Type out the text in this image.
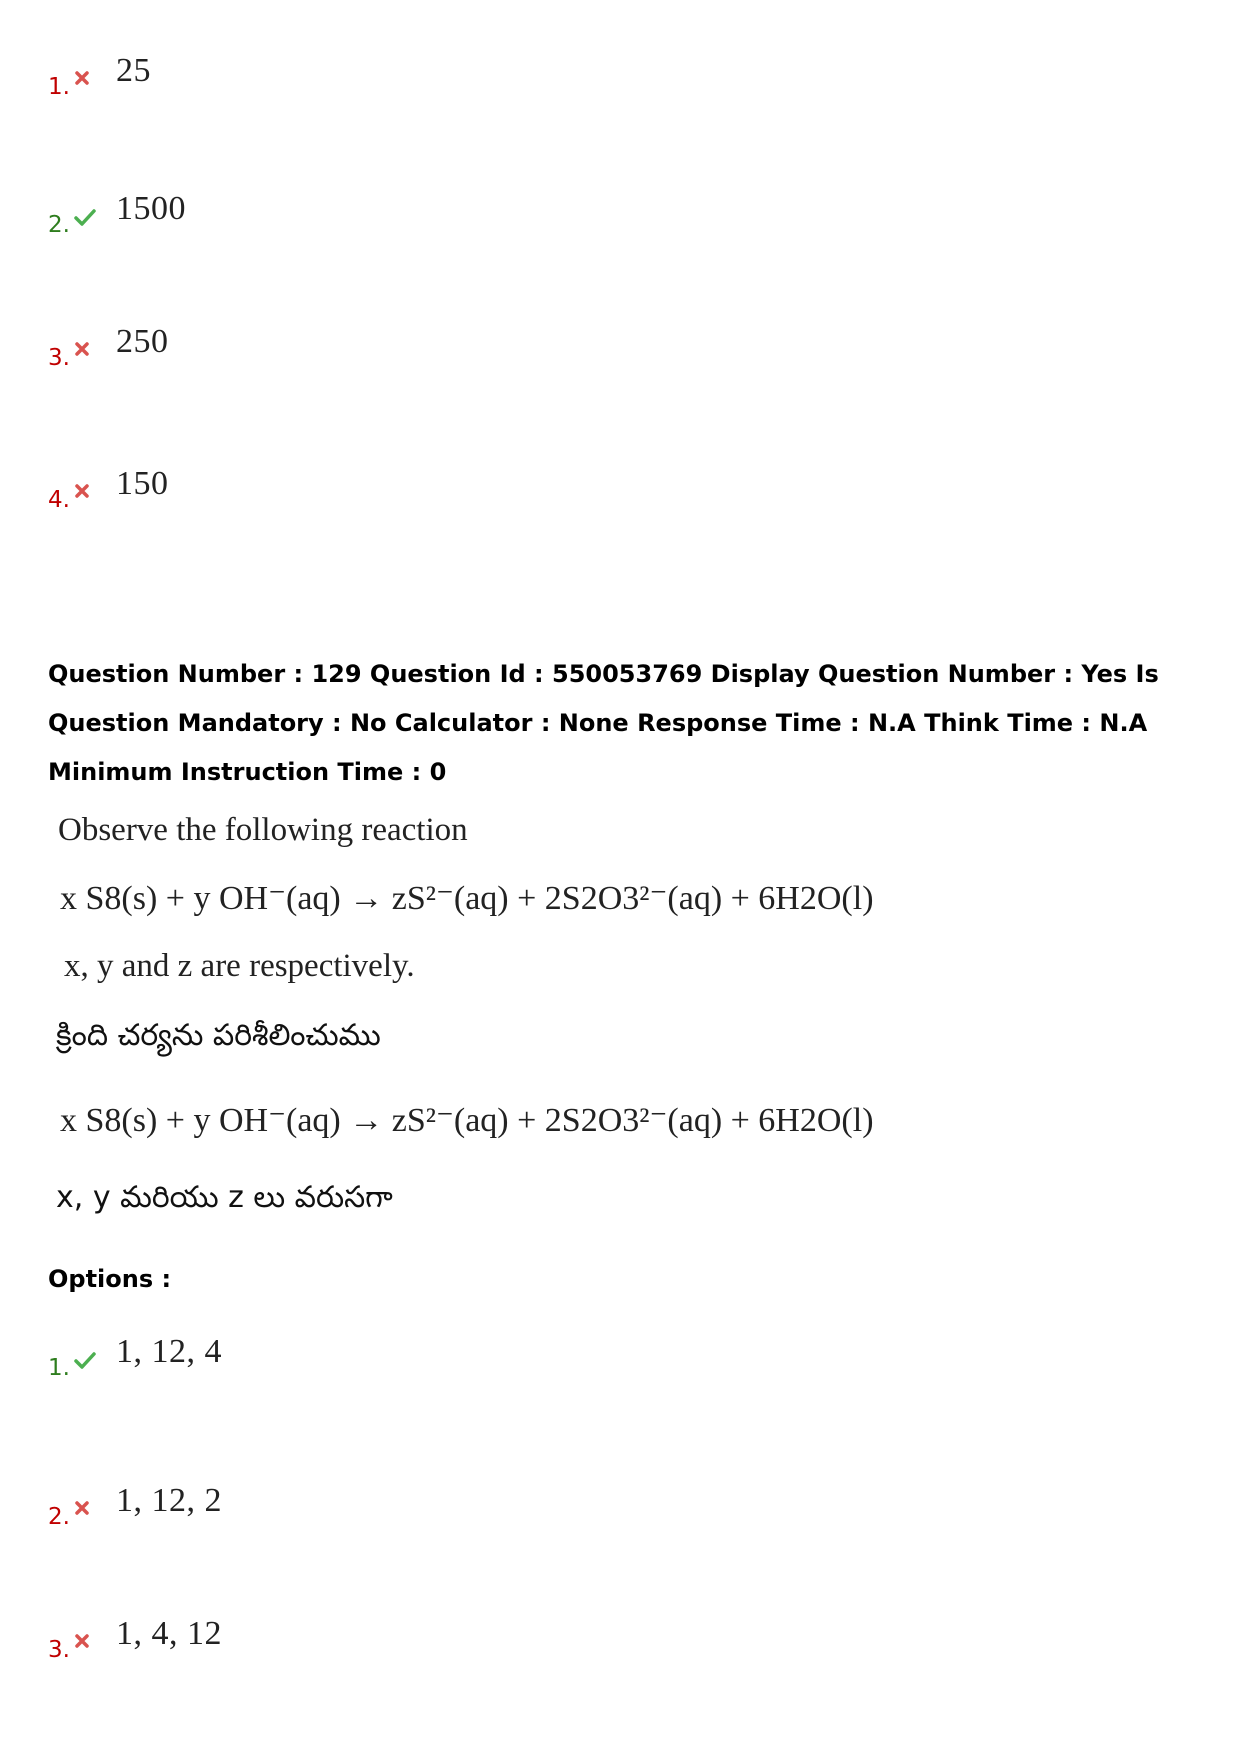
1. 25
2. 1500
3. 250
4. 150
Question Number : 129 Question Id : 550053769 Display Question Number : Yes Is Question Mandatory : No Calculator : None Response Time : N.A Think Time : N.A Minimum Instruction Time : 0
Observe the following reaction
x S8(s) + y OH⁻(aq) → zS²⁻(aq) + 2S2O3²⁻(aq) + 6H2O(l)
x, y and z are respectively.
క్రింది చర్యను పరిశీలించుము
x S8(s) + y OH⁻(aq) → zS²⁻(aq) + 2S2O3²⁻(aq) + 6H2O(l)
x, y మరియు z లు వరుసగా
Options :
1. 1, 12, 4
2. 1, 12, 2
3. 1, 4, 12
